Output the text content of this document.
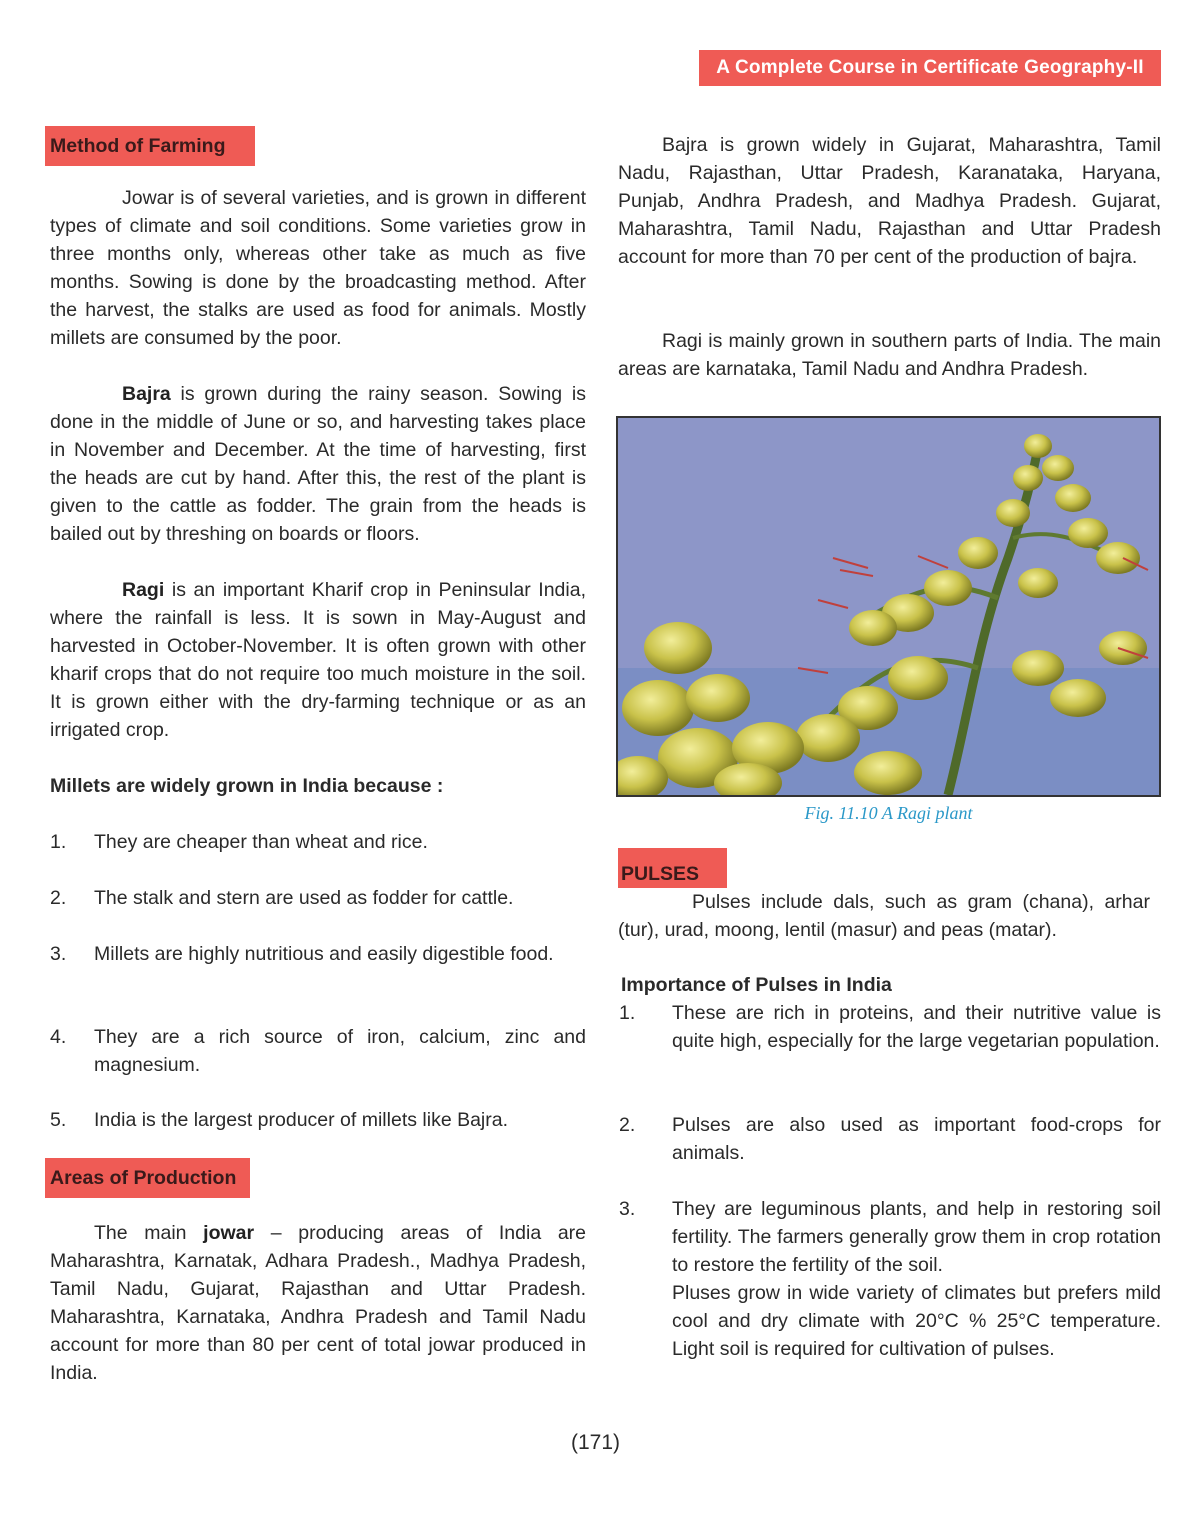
A Complete Course in Certificate Geography-II
Method of Farming

Jowar is of several varieties, and is grown in different types of climate and soil conditions. Some varieties grow in three months only, whereas other take as much as five months. Sowing is done by the broadcasting method. After the harvest, the stalks are used as food for animals. Mostly millets are consumed by the poor.

Bajra is grown during the rainy season. Sowing is done in the middle of June or so, and harvesting takes place in November and December. At the time of harvesting, first the heads are cut by hand. After this, the rest of the plant is given to the cattle as fodder. The grain from the heads is bailed out by threshing on boards or floors.

Ragi is an important Kharif crop in Peninsular India, where the rainfall is less. It is sown in May-August and harvested in October-November. It is often grown with other kharif crops that do not require too much moisture in the soil. It is grown either with the dry-farming technique or as an irrigated crop.

Millets are widely grown in India because :

1.	They are cheaper than wheat and rice.
2.	The stalk and stern are used as fodder for cattle.
3.	Millets are highly nutritious and easily digestible food.
4.	They are a rich source of iron, calcium, zinc and magnesium.
5.	India is the largest producer of millets like Bajra.
Areas of Production

The main jowar – producing areas of India are Maharashtra, Karnatak, Adhara Pradesh., Madhya Pradesh, Tamil Nadu, Gujarat, Rajasthan and Uttar Pradesh. Maharashtra, Karnataka, Andhra Pradesh and Tamil Nadu account for more than 80 per cent of total jowar produced in India.

Bajra is grown widely in Gujarat, Maharashtra, Tamil Nadu, Rajasthan, Uttar Pradesh, Karanataka, Haryana, Punjab, Andhra Pradesh, and Madhya Pradesh. Gujarat, Maharashtra, Tamil Nadu, Rajasthan and Uttar Pradesh account for more than 70 per cent of the production of bajra.

Ragi is mainly grown in southern parts of India. The main areas are karnataka, Tamil Nadu and Andhra Pradesh.

Fig. 11.10 A Ragi plant
PULSES

Pulses include dals, such as gram (chana), arhar (tur), urad, moong, lentil (masur) and peas (matar).

Importance of Pulses in India

1.	These are rich in proteins, and their nutritive value is quite high, especially for the large vegetarian population.
2.	Pulses are also used as important food-crops for animals.
3.	They are leguminous plants, and help in restoring soil fertility. The farmers generally grow them in crop rotation to restore the fertility of the soil.

Pluses grow in wide variety of climates but prefers mild cool and dry climate with 20°C % 25°C temperature. Light soil is required for cultivation of pulses.

(171)
